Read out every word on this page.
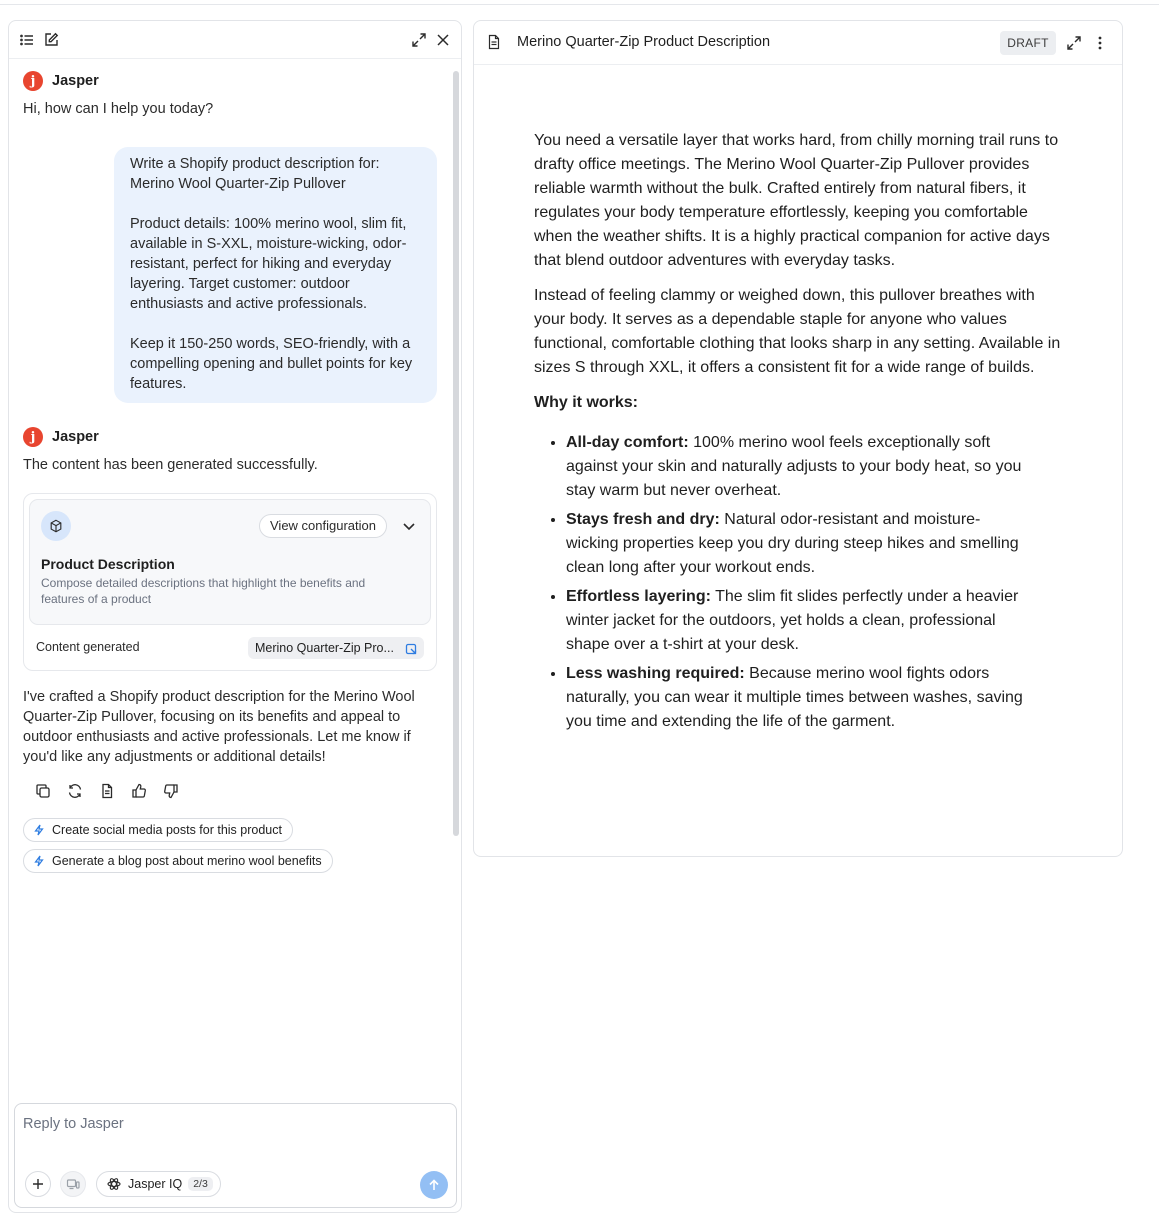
j	Jasper
Hi, how can I help you today?

Write a Shopify product description for: Merino Wool Quarter-Zip Pullover

Product details: 100% merino wool, slim fit, available in S-XXL, moisture-wicking, odor-resistant, perfect for hiking and everyday layering. Target customer: outdoor enthusiasts and active professionals.

Keep it 150-250 words, SEO-friendly, with a compelling opening and bullet points for key features.

j	Jasper
The content has been generated successfully.
View configuration
Product Description
Compose detailed descriptions that highlight the benefits and features of a product
Content generated	Merino Quarter-Zip Pro...
I've crafted a Shopify product description for the Merino Wool Quarter-Zip Pullover, focusing on its benefits and appeal to outdoor enthusiasts and active professionals. Let me know if you'd like any adjustments or additional details!
Create social media posts for this product
Generate a blog post about merino wool benefits
Reply to Jasper
Jasper IQ	2/3
Merino Quarter-Zip Product Description	DRAFT

You need a versatile layer that works hard, from chilly morning trail runs to drafty office meetings. The Merino Wool Quarter-Zip Pullover provides reliable warmth without the bulk. Crafted entirely from natural fibers, it regulates your body temperature effortlessly, keeping you comfortable when the weather shifts. It is a highly practical companion for active days that blend outdoor adventures with everyday tasks.

Instead of feeling clammy or weighed down, this pullover breathes with your body. It serves as a dependable staple for anyone who values functional, comfortable clothing that looks sharp in any setting. Available in sizes S through XXL, it offers a consistent fit for a wide range of builds.

Why it works:

• All-day comfort: 100% merino wool feels exceptionally soft against your skin and naturally adjusts to your body heat, so you stay warm but never overheat.
• Stays fresh and dry: Natural odor-resistant and moisture-wicking properties keep you dry during steep hikes and smelling clean long after your workout ends.
• Effortless layering: The slim fit slides perfectly under a heavier winter jacket for the outdoors, yet holds a clean, professional shape over a t-shirt at your desk.
• Less washing required: Because merino wool fights odors naturally, you can wear it multiple times between washes, saving you time and extending the life of the garment.
